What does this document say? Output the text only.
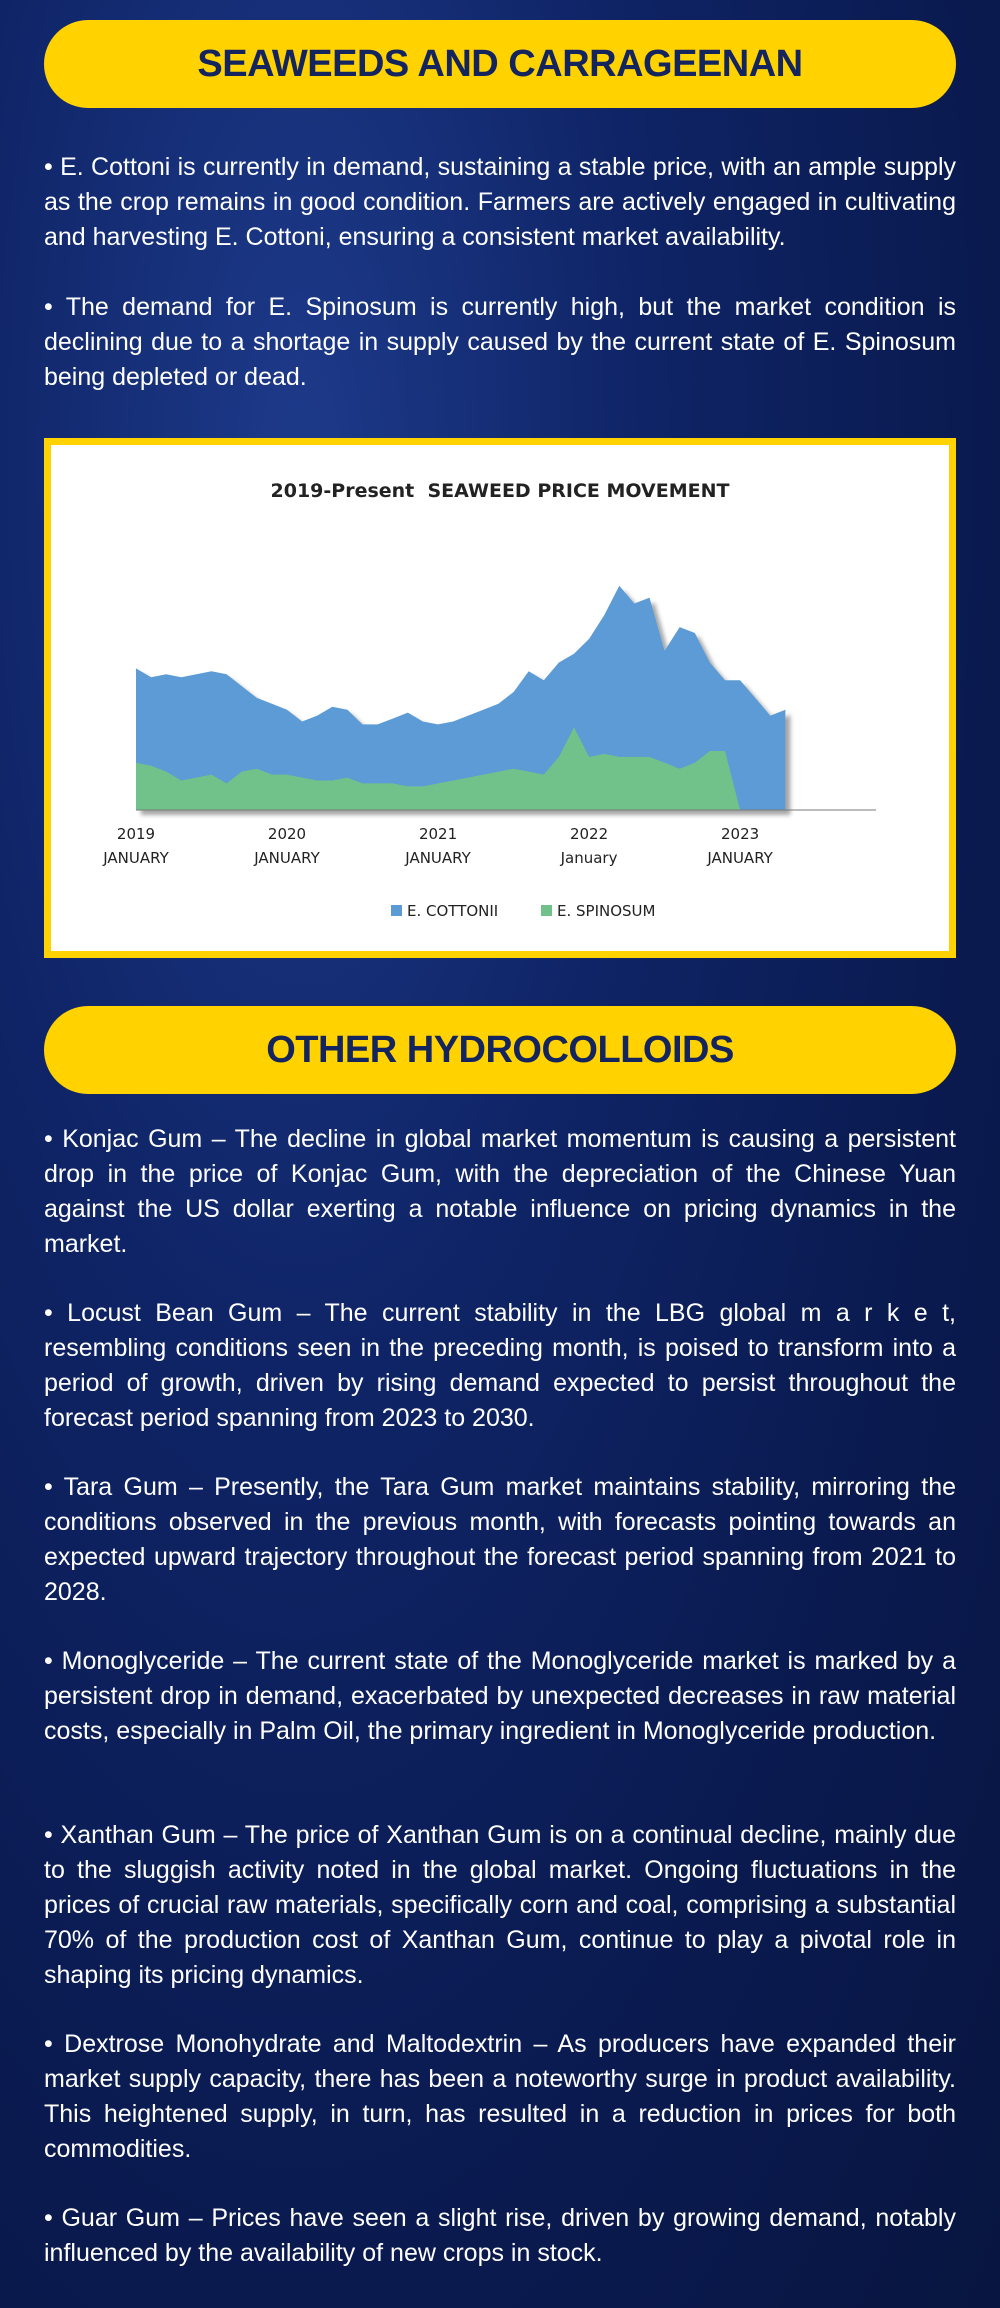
SEAWEEDS AND CARRAGEENAN

• E. Cottoni is currently in demand, sustaining a stable price, with an ample supply as the crop remains in good condition. Farmers are actively engaged in cultivating and harvesting E. Cottoni, ensuring a consistent market availability.

• The demand for E. Spinosum is currently high, but the market condition is declining due to a shortage in supply caused by the current state of E. Spinosum being depleted or dead.

2019-Present  SEAWEED PRICE MOVEMENT
2019
JANUARY
2020
JANUARY
2021
JANUARY
2022
January
2023
JANUARY
E. COTTONII	E. SPINOSUM
OTHER HYDROCOLLOIDS

• Konjac Gum – The decline in global market momentum is causing a persistent drop in the price of Konjac Gum, with the depreciation of the Chinese Yuan against the US dollar exerting a notable influence on pricing dynamics in the market.

• Locust Bean Gum – The current stability in the LBG global m a r k e t, resembling conditions seen in the preceding month, is poised to transform into a period of growth, driven by rising demand expected to persist throughout the forecast period spanning from 2023 to 2030.

• Tara Gum – Presently, the Tara Gum market maintains stability, mirroring the conditions observed in the previous month, with forecasts pointing towards an expected upward trajectory throughout the forecast period spanning from 2021 to 2028.

• Monoglyceride – The current state of the Monoglyceride market is marked by a persistent drop in demand, exacerbated by unexpected decreases in raw material costs, especially in Palm Oil, the primary ingredient in Monoglyceride production.

• Xanthan Gum – The price of Xanthan Gum is on a continual decline, mainly due to the sluggish activity noted in the global market. Ongoing fluctuations in the prices of crucial raw materials, specifically corn and coal, comprising a substantial 70% of the production cost of Xanthan Gum, continue to play a pivotal role in shaping its pricing dynamics.

• Dextrose Monohydrate and Maltodextrin – As producers have expanded their market supply capacity, there has been a noteworthy surge in product availability. This heightened supply, in turn, has resulted in a reduction in prices for both commodities.

• Guar Gum – Prices have seen a slight rise, driven by growing demand, notably influenced by the availability of new crops in stock.
